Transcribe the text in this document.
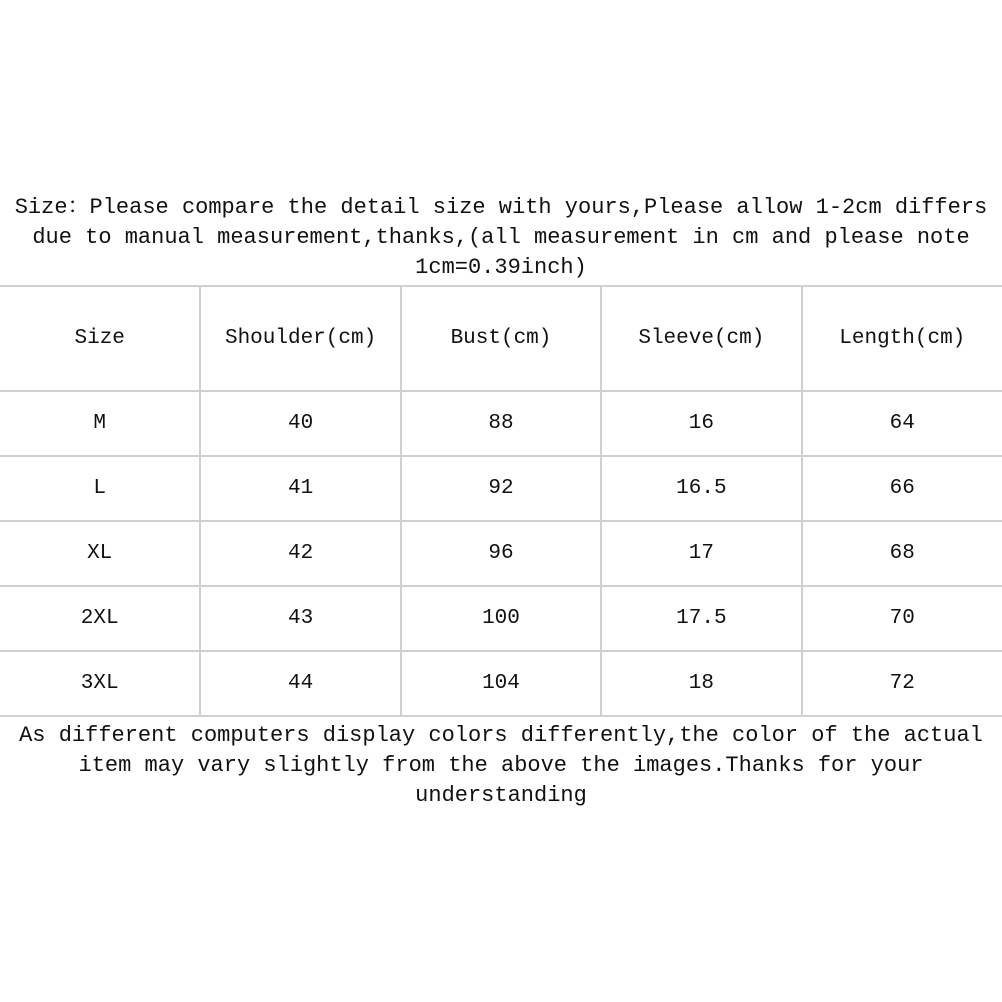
Size：Please compare the detail size with yours,Please allow 1-2cm differs
due to manual measurement,thanks,(all measurement in cm and please note
1cm=0.39inch)
Size	Shoulder(cm)	Bust(cm)	Sleeve(cm)	Length(cm)
M	40	88	16	64
L	41	92	16.5	66
XL	42	96	17	68
2XL	43	100	17.5	70
3XL	44	104	18	72
As different computers display colors differently,the color of the actual
item may vary slightly from the above the images.Thanks for your
understanding
